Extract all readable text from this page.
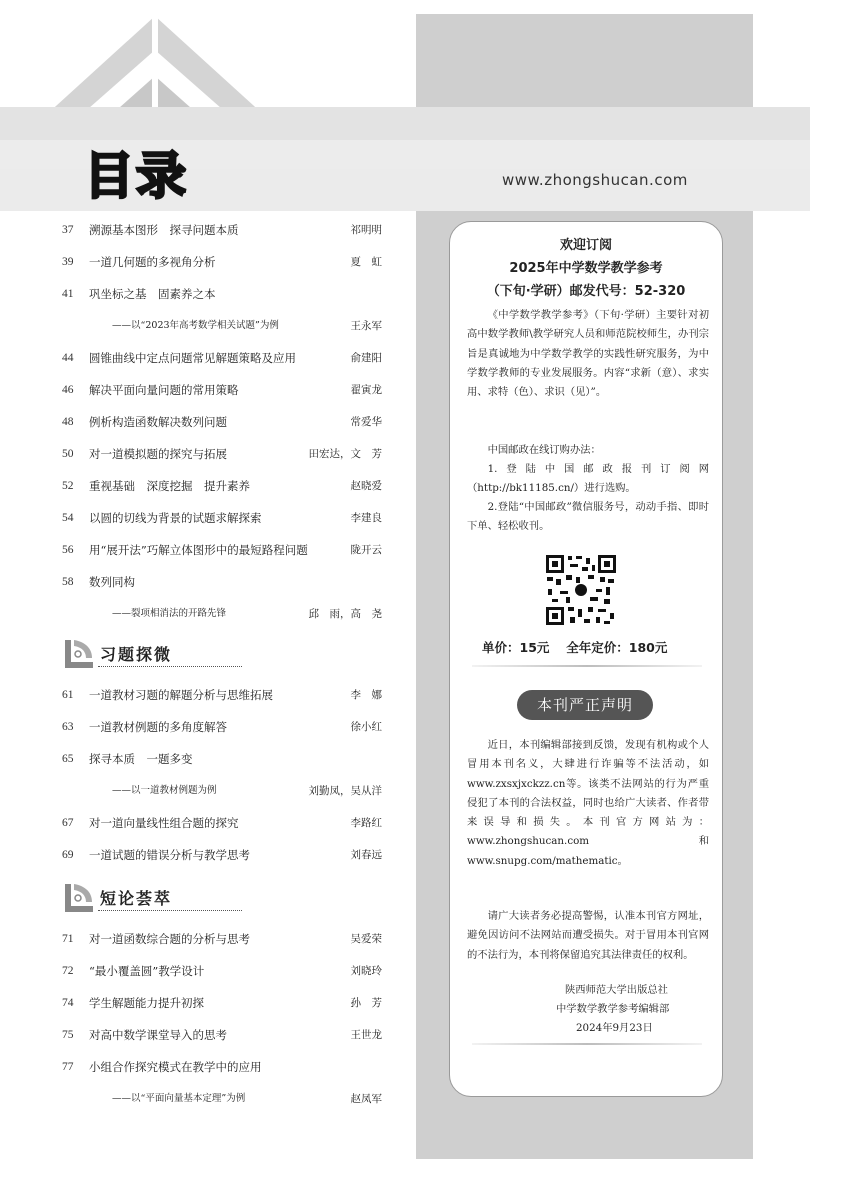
目录	www.zhongshucan.com
37 溯源基本图形　探寻问题本质	祁明明
39 一道几何题的多视角分析	夏　虹
41 巩坐标之基　固素养之本
——以“2023年高考数学相关试题”为例	王永军
44 圆锥曲线中定点问题常见解题策略及应用	俞建阳
46 解决平面向量问题的常用策略	翟寅龙
48 例析构造函数解决数列问题	常爱华
50 对一道模拟题的探究与拓展	田宏达，文　芳
52 重视基础　深度挖掘　提升素养	赵晓爱
54 以圆的切线为背景的试题求解探索	李建良
56 用“展开法”巧解立体图形中的最短路程问题	陇开云
58 数列同构
——裂项相消法的开路先锋	邱　雨，高　尧
习题探微
61 一道教材习题的解题分析与思维拓展	李　娜
63 一道教材例题的多角度解答	徐小红
65 探寻本质　一题多变
——以一道教材例题为例	刘勤凤，吴从洋
67 对一道向量线性组合题的探究	李路红
69 一道试题的错误分析与教学思考	刘春远
短论荟萃
71 对一道函数综合题的分析与思考	吴爱荣
72 “最小覆盖圆”教学设计	刘晓玲
74 学生解题能力提升初探	孙　芳
75 对高中数学课堂导入的思考	王世龙
77 小组合作探究模式在教学中的应用
——以“平面向量基本定理”为例	赵凤军
欢迎订阅
2025年中学数学教学参考
（下旬·学研）邮发代号：52-320
《中学数学教学参考》（下旬·学研）主要针对初高中数学教师\教学研究人员和师范院校师生，办刊宗旨是真诚地为中学数学教学的实践性研究服务，为中学数学教师的专业发展服务。内容“求新（意）、求实用、求特（色）、求识（见）”。
中国邮政在线订购办法：
1.登陆中国邮政报刊订阅网（http://bk11185.cn/）进行选购。
2.登陆“中国邮政”微信服务号，动动手指、即时下单、轻松收刊。
单价：15元　 全年定价：180元
本刊严正声明
近日，本刊编辑部接到反馈，发现有机构或个人冒用本刊名义，大肆进行诈骗等不法活动，如www.zxsxjxckzz.cn等。该类不法网站的行为严重侵犯了本刊的合法权益，同时也给广大读者、作者带来误导和损失。本刊官方网站为：www.zhongshucan.com 和www.snupg.com/mathematic。
请广大读者务必提高警惕，认准本刊官方网址，避免因访问不法网站而遭受损失。对于冒用本刊官网的不法行为，本刊将保留追究其法律责任的权利。
陕西师范大学出版总社
中学数学教学参考编辑部
2024年9月23日
